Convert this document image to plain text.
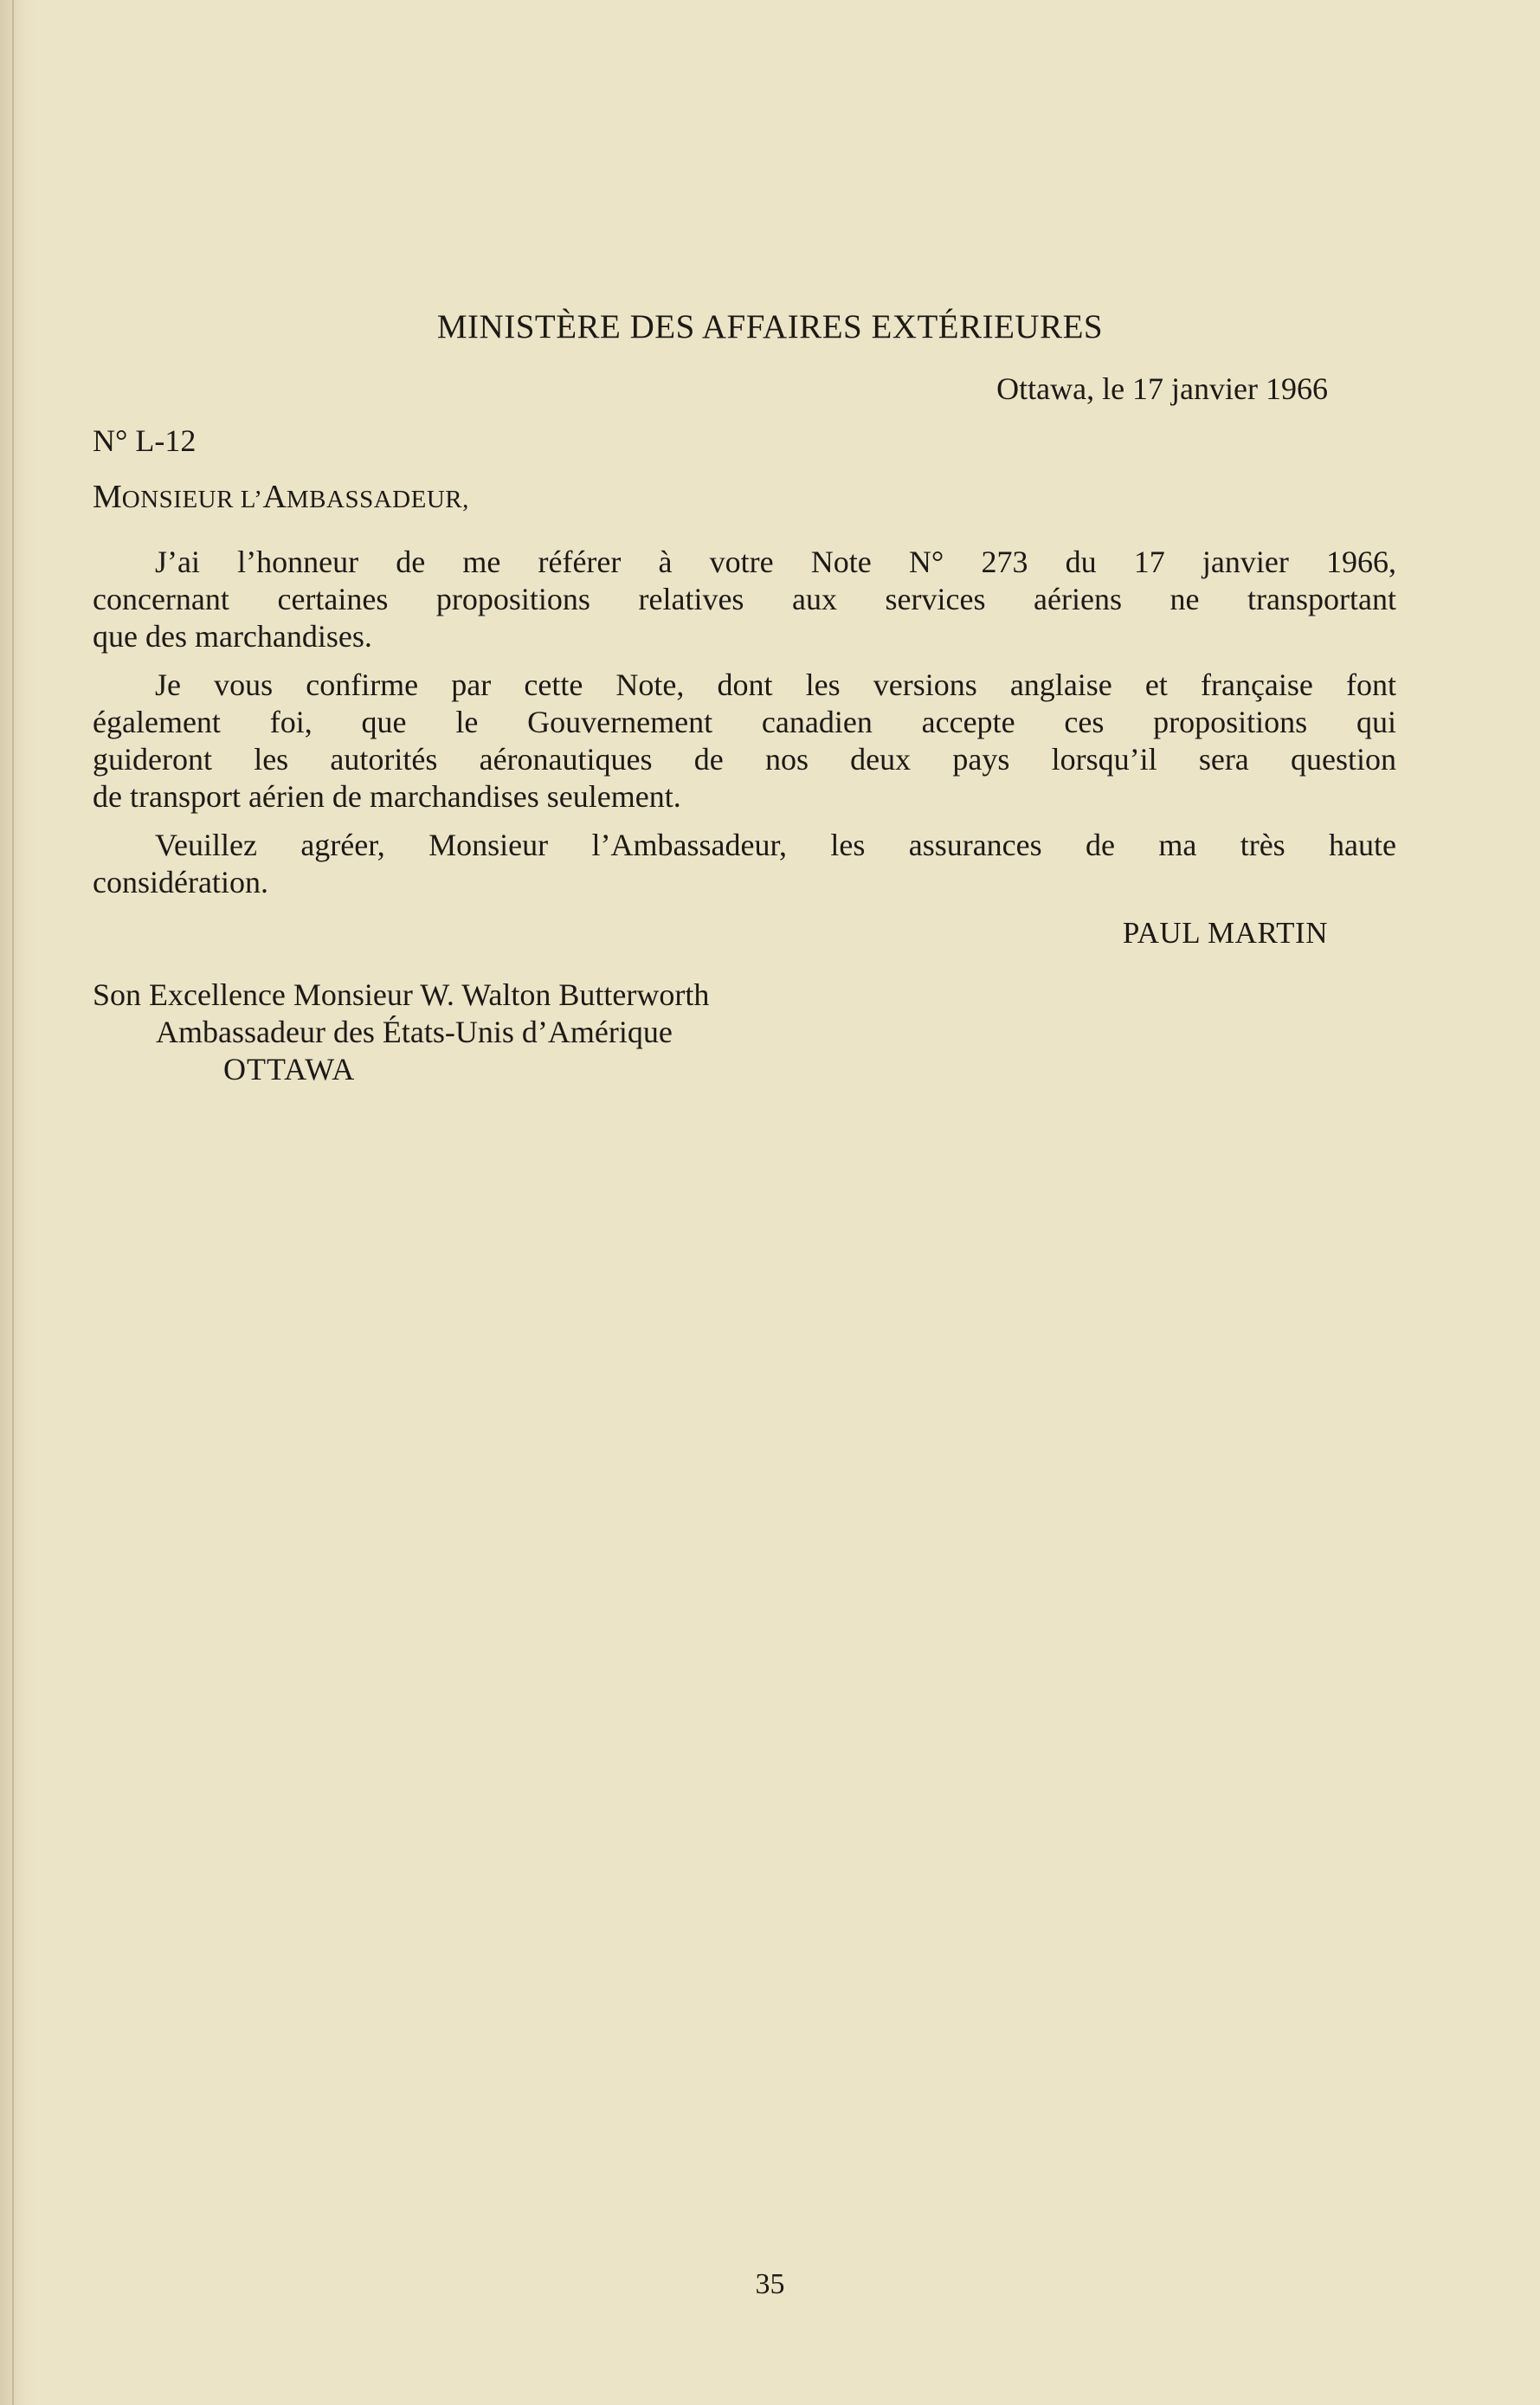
MINISTÈRE DES AFFAIRES EXTÉRIEURES
Ottawa, le 17 janvier 1966
N° L-12
MONSIEUR L’AMBASSADEUR,
J’ai l’honneur de me référer à votre Note N° 273 du 17 janvier 1966,
concernant certaines propositions relatives aux services aériens ne transportant
que des marchandises.
Je vous confirme par cette Note, dont les versions anglaise et française font
également foi, que le Gouvernement canadien accepte ces propositions qui
guideront les autorités aéronautiques de nos deux pays lorsqu’il sera question
de transport aérien de marchandises seulement.
Veuillez agréer, Monsieur l’Ambassadeur, les assurances de ma très haute
considération.
PAUL MARTIN
Son Excellence Monsieur W. Walton Butterworth
Ambassadeur des États-Unis d’Amérique
OTTAWA
35
